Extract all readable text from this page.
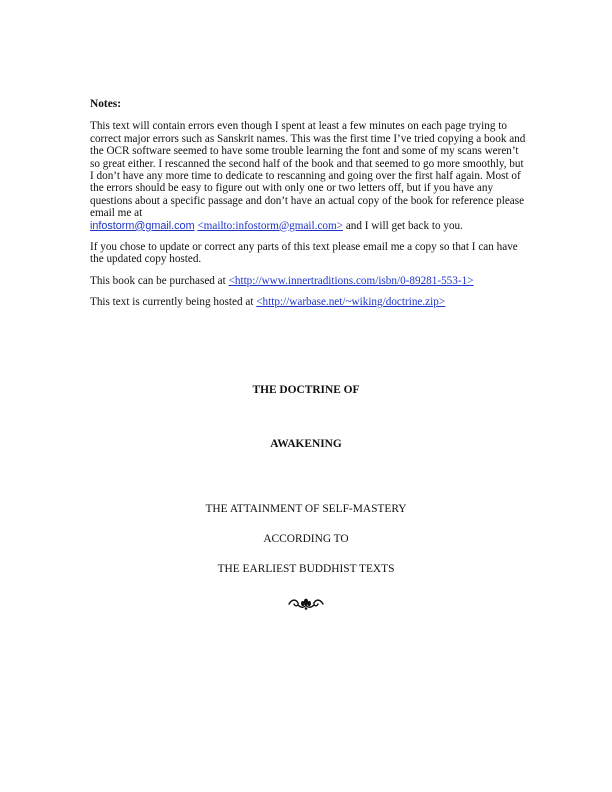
Notes:

This text will contain errors even though I spent at least a few minutes on each page trying to correct major errors such as Sanskrit names. This was the first time I’ve tried copying a book and the OCR software seemed to have some trouble learning the font and some of my scans weren’t so great either. I rescanned the second half of the book and that seemed to go more smoothly, but I don’t have any more time to dedicate to rescanning and going over the first half again. Most of the errors should be easy to figure out with only one or two letters off, but if you have any questions about a specific passage and don’t have an actual copy of the book for reference please email me at
infostorm@gmail.com <mailto:infostorm@gmail.com> and I will get back to you.

If you chose to update or correct any parts of this text please email me a copy so that I can have the updated copy hosted.

This book can be purchased at <http://www.innertraditions.com/isbn/0-89281-553-1>

This text is currently being hosted at <http://warbase.net/~wiking/doctrine.zip>

THE DOCTRINE OF
AWAKENING
THE ATTAINMENT OF SELF-MASTERY
ACCORDING TO
THE EARLIEST BUDDHIST TEXTS
